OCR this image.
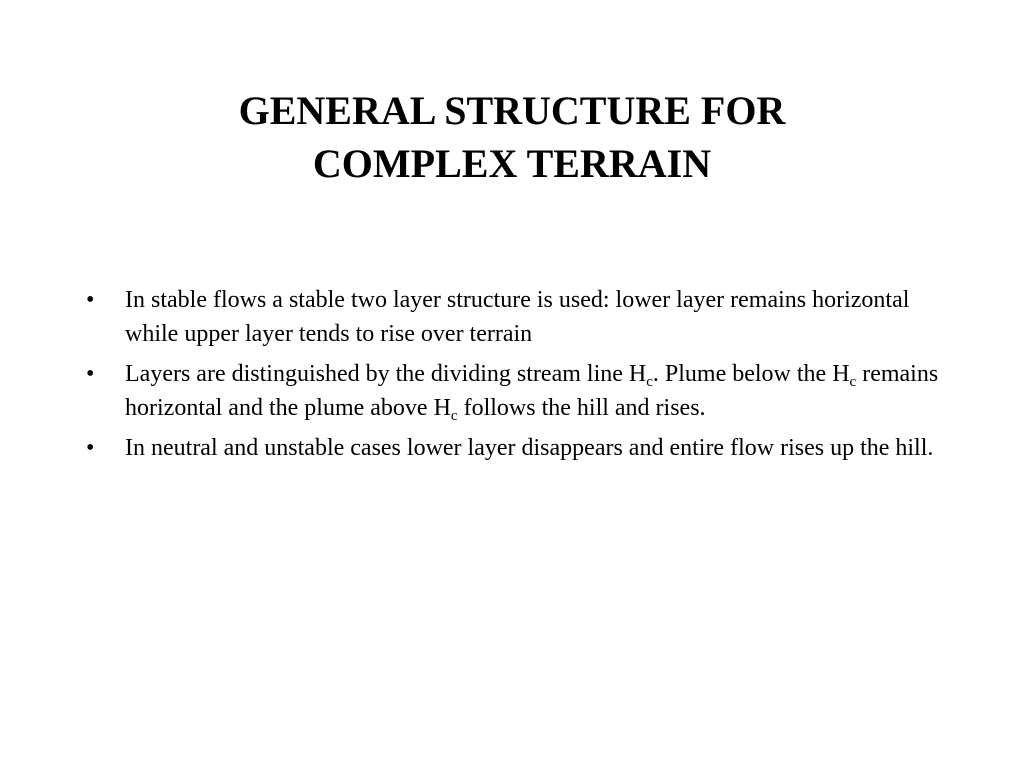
GENERAL STRUCTURE FOR
COMPLEX TERRAIN
•	In stable flows a stable two layer structure is used: lower layer remains horizontal while upper layer tends to rise over terrain
•	Layers are distinguished by the dividing stream line $H_c$. Plume below the $H_c$ remains horizontal and the plume above $H_c$ follows the hill and rises.
•	In neutral and unstable cases lower layer disappears and entire flow rises up the hill.
